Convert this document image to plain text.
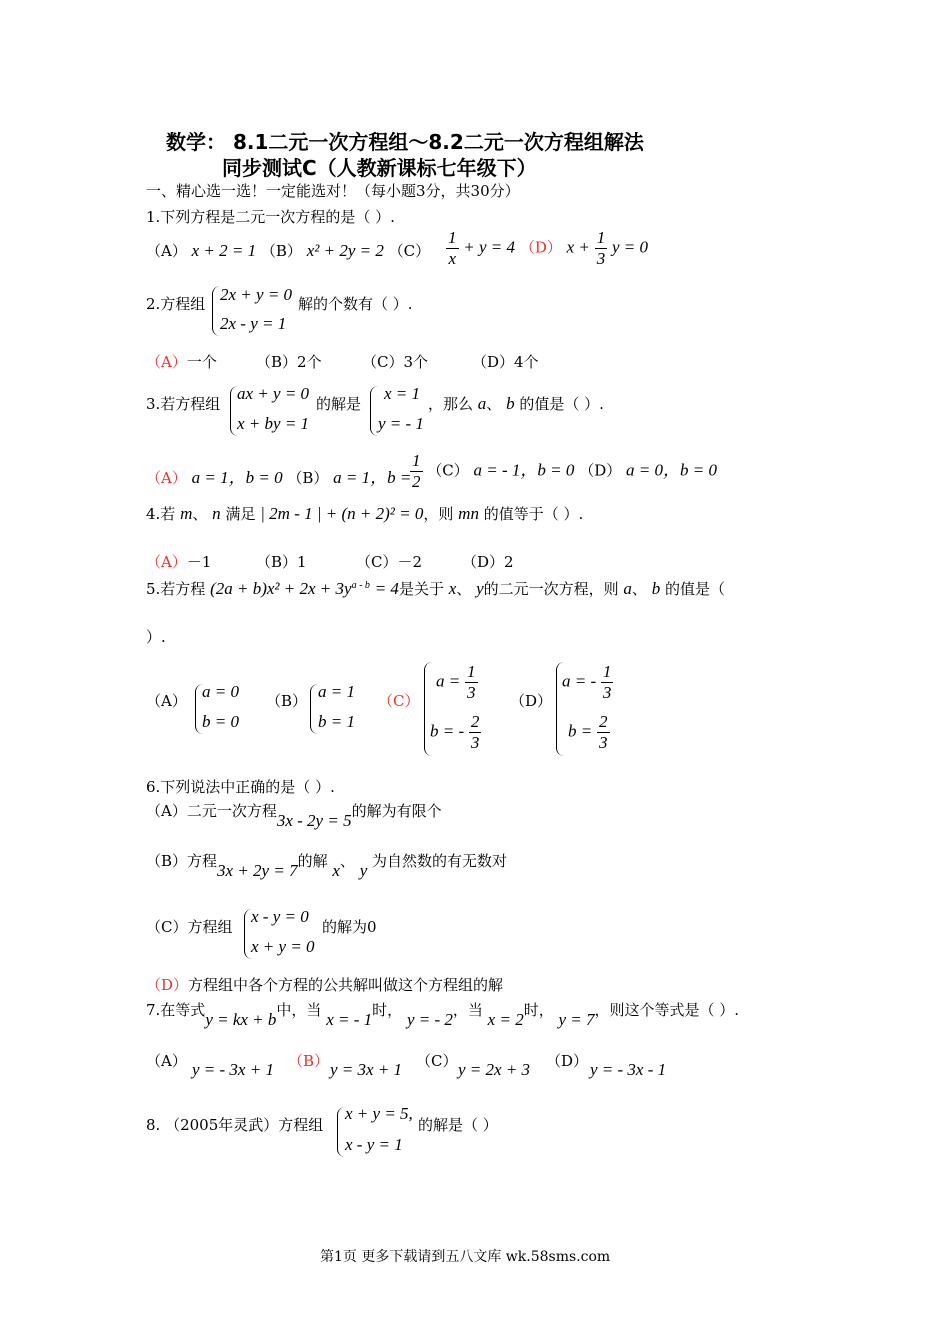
数学： 8.1二元一次方程组～8.2二元一次方程组解法
同步测试C（人教新课标七年级下）
一、精心选一选！一定能选对！（每小题3分，共30分）
1.下列方程是二元一次方程的是（ ）.
（A） x + 2 = 1 （B） x² + 2y = 2 $(C) \frac{1}{x} + y = 4$ （D） $x + \frac{1}{3}$ y = 0
2.方程组 2x + y = 0
2x - y = 1
解的个数有（ ）.
（A）一个	（B）2个	（C）3个	（D）4个
3.若方程组
ax + y = 0
x + by = 1
的解是
x = 1
y = - 1
，那么 a、 b 的值是（ ）.
（A） a = 1，b = 0 （B） a = 1，b =
$\frac{1}{2} (C) a$ = - 1，b = 0 （D） a = 0，b = 0
4.若 m、 n 满足 | 2m - 1 | + (n + 2)² = 0，则 mn 的值等于（ ）.
（A）－1	（B）1	（C）－2	（D）2
5.若方程 $(2a + b)x^2 + 2x + 3y^{a - b} = 4$是关于 x、 y的二元一次方程，则 a、 b 的值是（
）.
（A） a = 0
b = 0
（B） a = 1
b = 1
（C）
$a = \frac{1}{3}$
b = - $\frac{2}{3}$
（D）
a = - $\frac{1}{3}$
$b = \frac{2}{3}$
6.下列说法中正确的是（ ）.
（A）二元一次方程3x - 2y = 5的解为有限个
（B）方程3x + 2y = 7的解 x、 y 为自然数的有无数对
（C）方程组
x - y = 0
x + y = 0
的解为0
（D）方程组中各个方程的公共解叫做这个方程组的解
7.在等式y = kx + b中，当 x = - 1时， y = - 2，当 x = 2时， y = 7，则这个等式是（ ）.
（A） y = - 3x + 1 （B） y = 3x + 1 （C） y = 2x + 3 （D） y = - 3x - 1
8. （2005年灵武）方程组
x + y = 5,
x - y = 1
的解是（ ）
第1页 更多下载请到五八文库 wk.58sms.com
